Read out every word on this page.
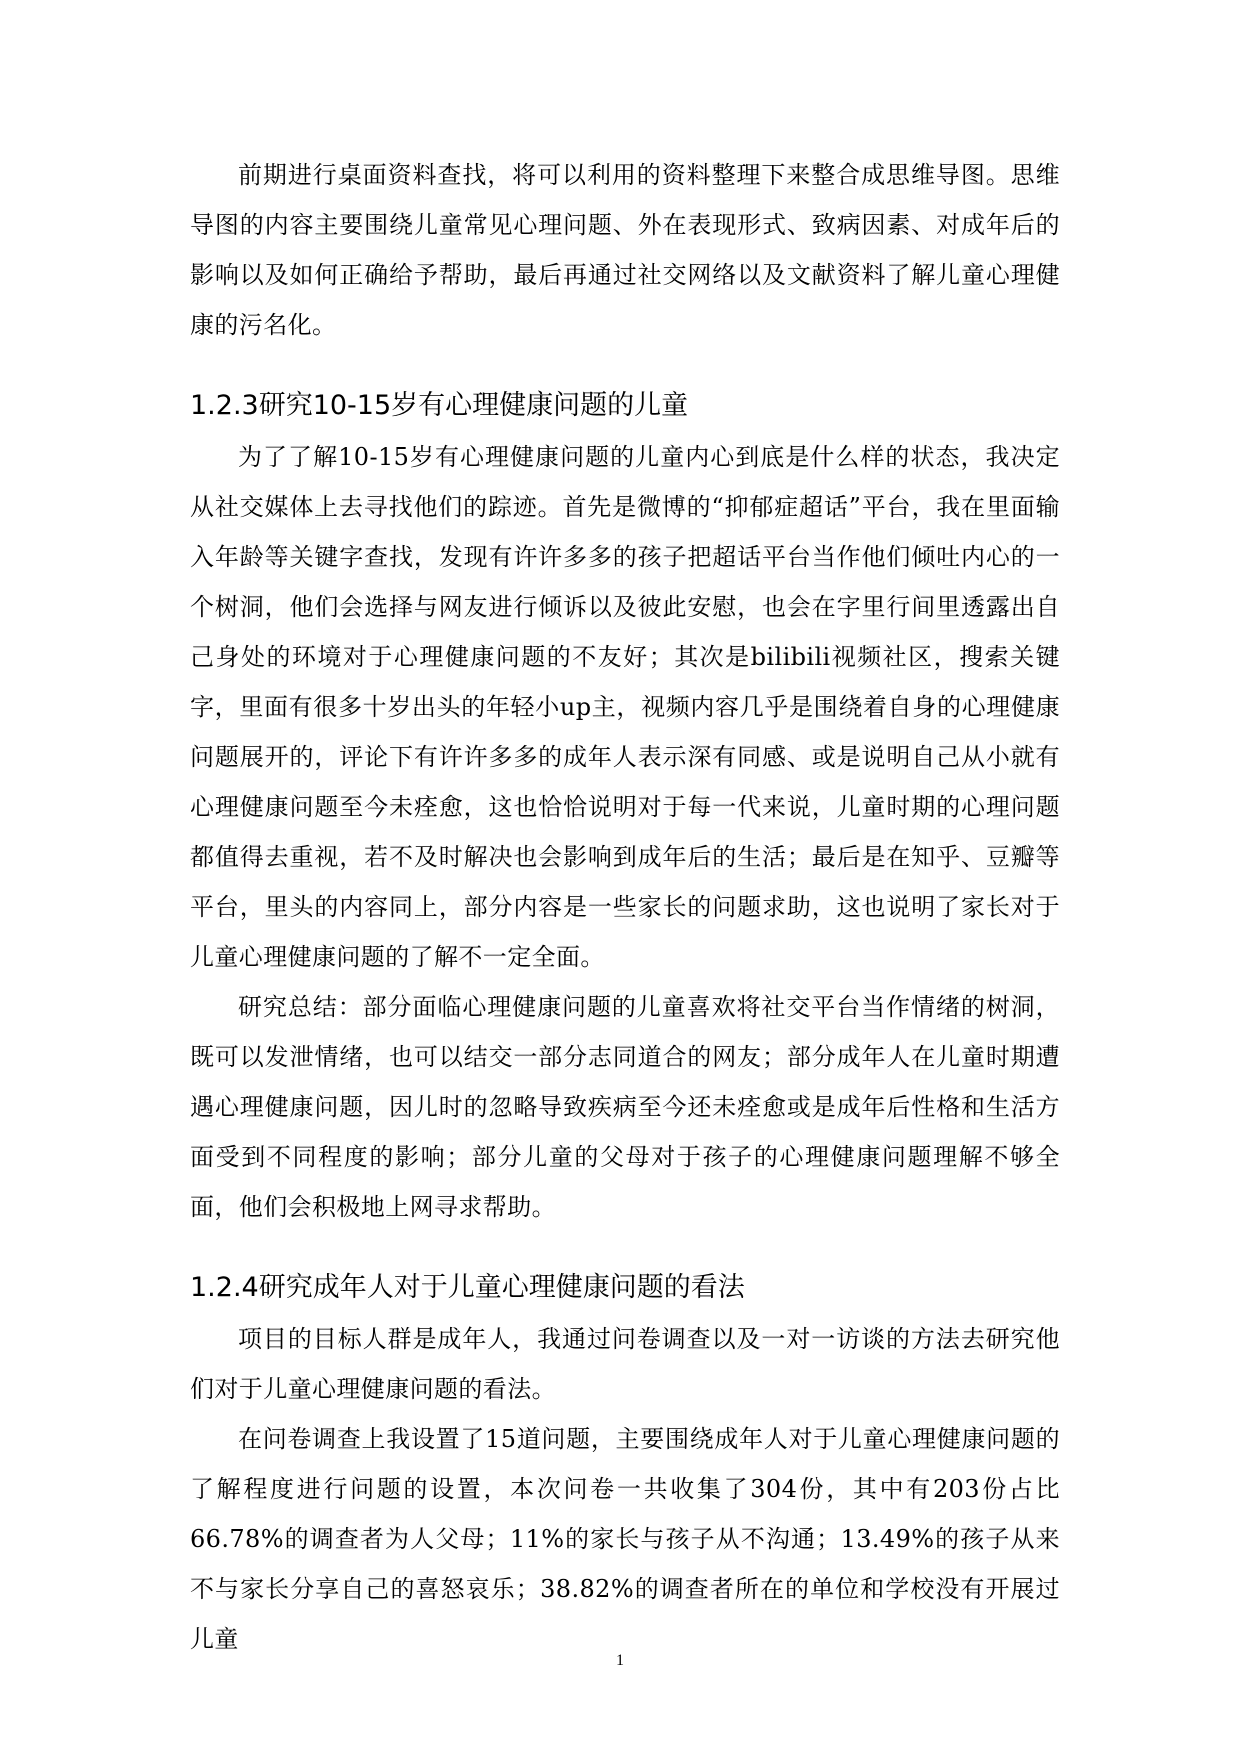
前期进行桌面资料查找，将可以利用的资料整理下来整合成思维导图。思维导图的内容主要围绕儿童常见心理问题、外在表现形式、致病因素、对成年后的影响以及如何正确给予帮助，最后再通过社交网络以及文献资料了解儿童心理健康的污名化。

1.2.3研究10-15岁有心理健康问题的儿童

为了了解10-15岁有心理健康问题的儿童内心到底是什么样的状态，我决定从社交媒体上去寻找他们的踪迹。首先是微博的“抑郁症超话”平台，我在里面输入年龄等关键字查找，发现有许许多多的孩子把超话平台当作他们倾吐内心的一个树洞，他们会选择与网友进行倾诉以及彼此安慰，也会在字里行间里透露出自己身处的环境对于心理健康问题的不友好；其次是bilibili视频社区，搜索关键字，里面有很多十岁出头的年轻小up主，视频内容几乎是围绕着自身的心理健康问题展开的，评论下有许许多多的成年人表示深有同感、或是说明自己从小就有心理健康问题至今未痊愈，这也恰恰说明对于每一代来说，儿童时期的心理问题都值得去重视，若不及时解决也会影响到成年后的生活；最后是在知乎、豆瓣等平台，里头的内容同上，部分内容是一些家长的问题求助，这也说明了家长对于儿童心理健康问题的了解不一定全面。

研究总结：部分面临心理健康问题的儿童喜欢将社交平台当作情绪的树洞，既可以发泄情绪，也可以结交一部分志同道合的网友；部分成年人在儿童时期遭遇心理健康问题，因儿时的忽略导致疾病至今还未痊愈或是成年后性格和生活方面受到不同程度的影响；部分儿童的父母对于孩子的心理健康问题理解不够全面，他们会积极地上网寻求帮助。

1.2.4研究成年人对于儿童心理健康问题的看法

项目的目标人群是成年人，我通过问卷调查以及一对一访谈的方法去研究他们对于儿童心理健康问题的看法。

在问卷调查上我设置了15道问题，主要围绕成年人对于儿童心理健康问题的了解程度进行问题的设置，本次问卷一共收集了304份，其中有203份占比66.78%的调查者为人父母；11%的家长与孩子从不沟通；13.49%的孩子从来不与家长分享自己的喜怒哀乐；38.82%的调查者所在的单位和学校没有开展过儿童

1
